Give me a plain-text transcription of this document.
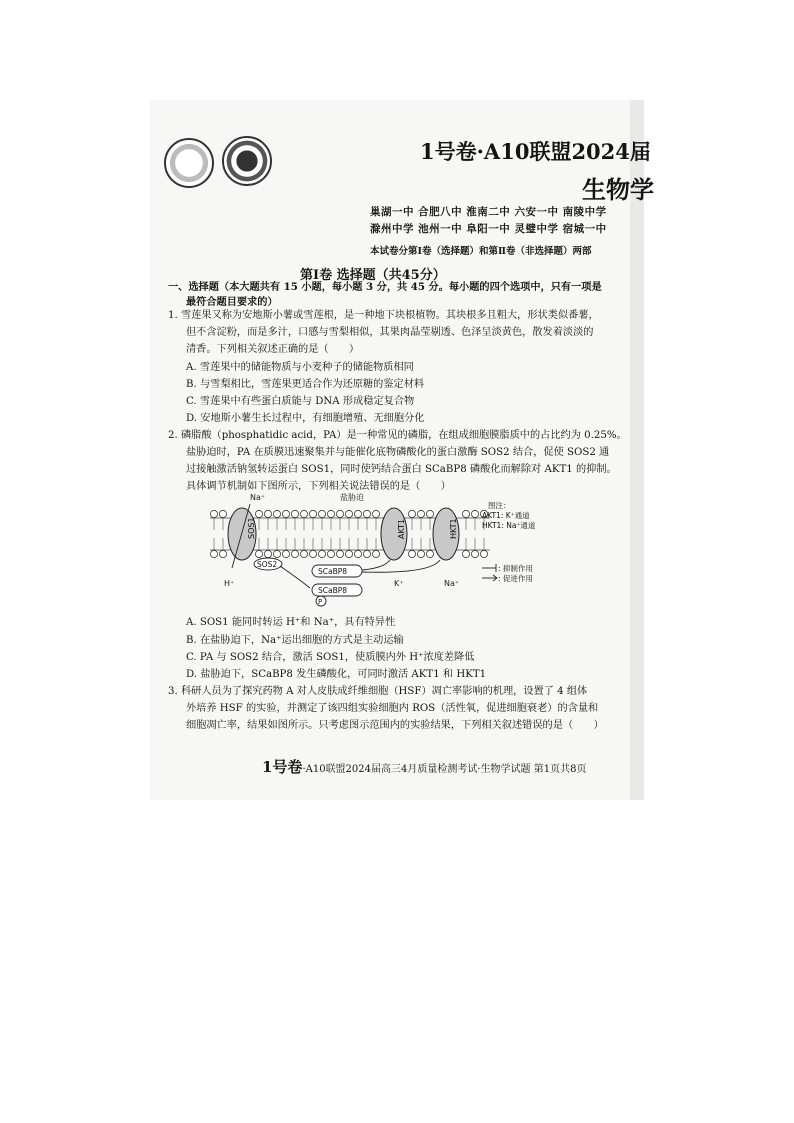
1号卷·A10联盟2024届
生物学
巢湖一中 合肥八中 淮南二中 六安一中 南陵中学
滁州中学 池州一中 阜阳一中 灵璧中学 宿城一中
本试卷分第Ⅰ卷（选择题）和第Ⅱ卷（非选择题）两部
第Ⅰ卷 选择题（共45分）
一、选择题（本大题共有 15 小题，每小题 3 分，共 45 分。每小题的四个选项中，只有一项是
最符合题目要求的）
1. 雪莲果又称为安地斯小薯或雪莲根，是一种地下块根植物。其块根多且粗大，形状类似番薯，
但不含淀粉，而是多汁，口感与雪梨相似，其果肉晶莹剔透、色泽呈淡黄色，散发着淡淡的
清香。下列相关叙述正确的是（　　）
A. 雪莲果中的储能物质与小麦种子的储能物质相同
B. 与雪梨相比，雪莲果更适合作为还原糖的鉴定材料
C. 雪莲果中有些蛋白质能与 DNA 形成稳定复合物
D. 安地斯小薯生长过程中，有细胞增殖、无细胞分化
2. 磷脂酸（phosphatidic acid，PA）是一种常见的磷脂，在组成细胞膜脂质中的占比约为 0.25%。
盐胁迫时，PA 在质膜迅速聚集并与能催化底物磷酸化的蛋白激酶 SOS2 结合，促使 SOS2 通
过接触激活钠氢转运蛋白 SOS1，同时使钙结合蛋白 SCaBP8 磷酸化而解除对 AKT1 的抑制。
具体调节机制如下图所示，下列相关说法错误的是（　　）
盐胁迫
Na⁺
SOS1	AKT1	HKT1
SOS2
SCaBP8
SCaBP8
P
H⁺	K⁺	Na⁺
图注：
AKT1: K⁺通道
HKT1: Na⁺通道
: 抑制作用
: 促进作用
A. SOS1 能同时转运 H⁺和 Na⁺，具有特异性
B. 在盐胁迫下，Na⁺运出细胞的方式是主动运输
C. PA 与 SOS2 结合，激活 SOS1，使质膜内外 H⁺浓度差降低
D. 盐胁迫下，SCaBP8 发生磷酸化，可同时激活 AKT1 和 HKT1
3. 科研人员为了探究药物 A 对人皮肤成纤维细胞（HSF）凋亡率影响的机理，设置了 4 组体
外培养 HSF 的实验，并测定了该四组实验细胞内 ROS（活性氧，促进细胞衰老）的含量和
细胞凋亡率，结果如图所示。只考虑图示范围内的实验结果，下列相关叙述错误的是（　　）
1号卷·A10联盟2024届高三4月质量检测考试·生物学试题 第1页共8页
